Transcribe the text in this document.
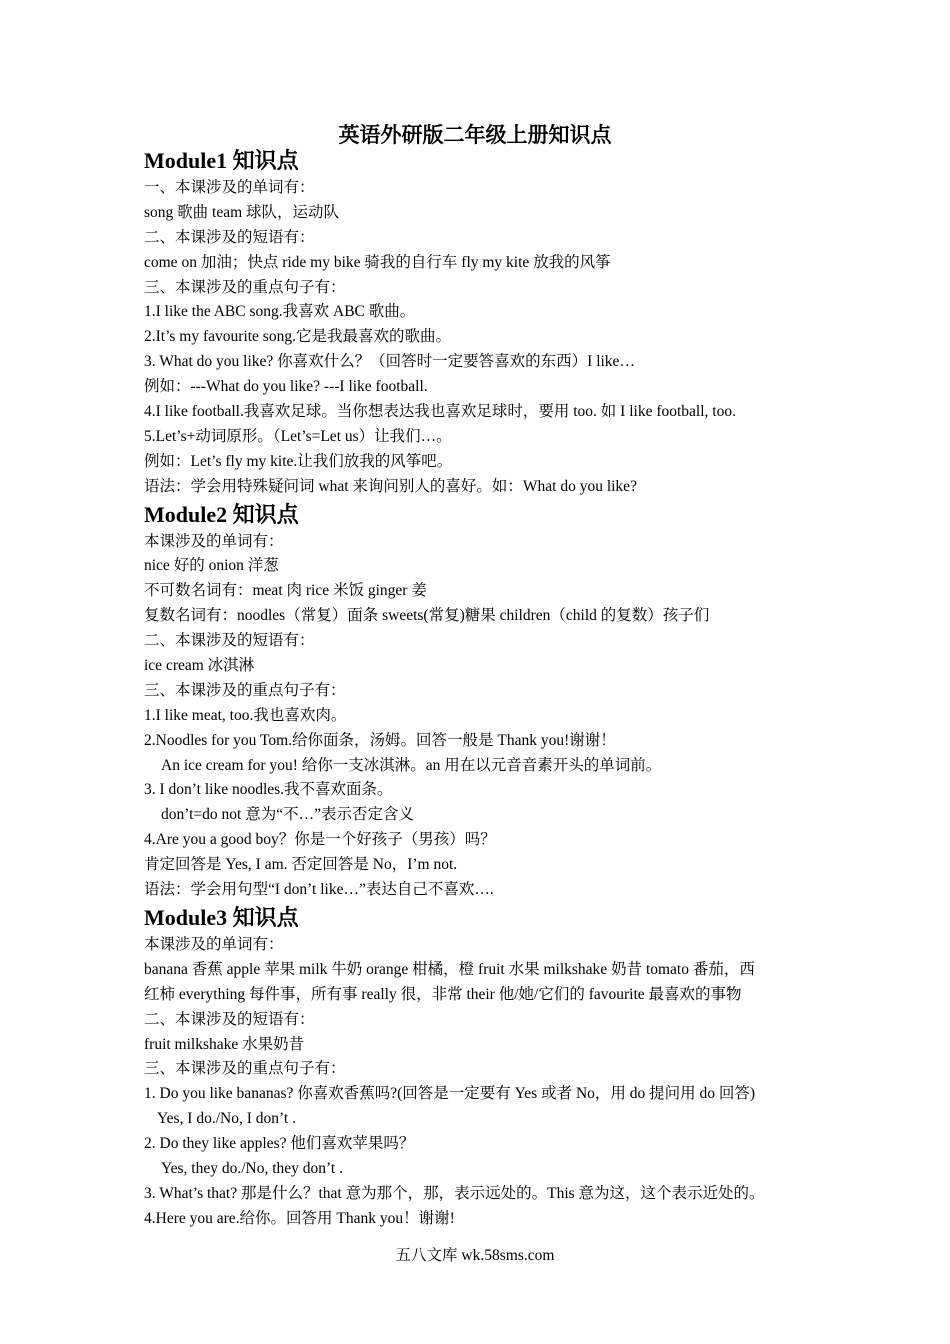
英语外研版二年级上册知识点
Module1 知识点
一、本课涉及的单词有：
song 歌曲 team 球队，运动队
二、本课涉及的短语有：
come on 加油；快点 ride my bike 骑我的自行车 fly my kite 放我的风筝
三、本课涉及的重点句子有：
1.I like the ABC song.我喜欢 ABC 歌曲。
2.It’s my favourite song.它是我最喜欢的歌曲。
3. What do you like? 你喜欢什么？（回答时一定要答喜欢的东西）I like…
例如：---What do you like? ---I like football.
4.I like football.我喜欢足球。当你想表达我也喜欢足球时，要用 too. 如 I like football, too.
5.Let’s+动词原形。（Let’s=Let us）让我们…。
例如：Let’s fly my kite.让我们放我的风筝吧。
语法：学会用特殊疑问词 what 来询问别人的喜好。如：What do you like?
Module2 知识点
本课涉及的单词有：
nice 好的 onion 洋葱
不可数名词有：meat 肉 rice 米饭 ginger 姜
复数名词有：noodles（常复）面条 sweets(常复)糖果 children（child 的复数）孩子们
二、本课涉及的短语有：
ice cream 冰淇淋
三、本课涉及的重点句子有：
1.I like meat, too.我也喜欢肉。
2.Noodles for you Tom.给你面条，汤姆。回答一般是 Thank you!谢谢！
An ice cream for you! 给你一支冰淇淋。an 用在以元音音素开头的单词前。
3. I don’t like noodles.我不喜欢面条。
don’t=do not 意为“不…”表示否定含义
4.Are you a good boy？你是一个好孩子（男孩）吗？
肯定回答是 Yes, I am. 否定回答是 No，I’m not.
语法：学会用句型“I don’t like…”表达自己不喜欢….
Module3 知识点
本课涉及的单词有：
banana 香蕉 apple 苹果 milk 牛奶 orange 柑橘，橙 fruit 水果 milkshake 奶昔 tomato 番茄，西
红柿 everything 每件事，所有事 really 很，非常 their 他/她/它们的 favourite 最喜欢的事物
二、本课涉及的短语有：
fruit milkshake 水果奶昔
三、本课涉及的重点句子有：
1. Do you like bananas? 你喜欢香蕉吗?(回答是一定要有 Yes 或者 No，用 do 提问用 do 回答)
Yes, I do./No, I don’t .
2. Do they like apples? 他们喜欢苹果吗？
Yes, they do./No, they don’t .
3. What’s that? 那是什么？that 意为那个，那，表示远处的。This 意为这，这个表示近处的。
4.Here you are.给你。回答用 Thank you！谢谢!
五八文库 wk.58sms.com
